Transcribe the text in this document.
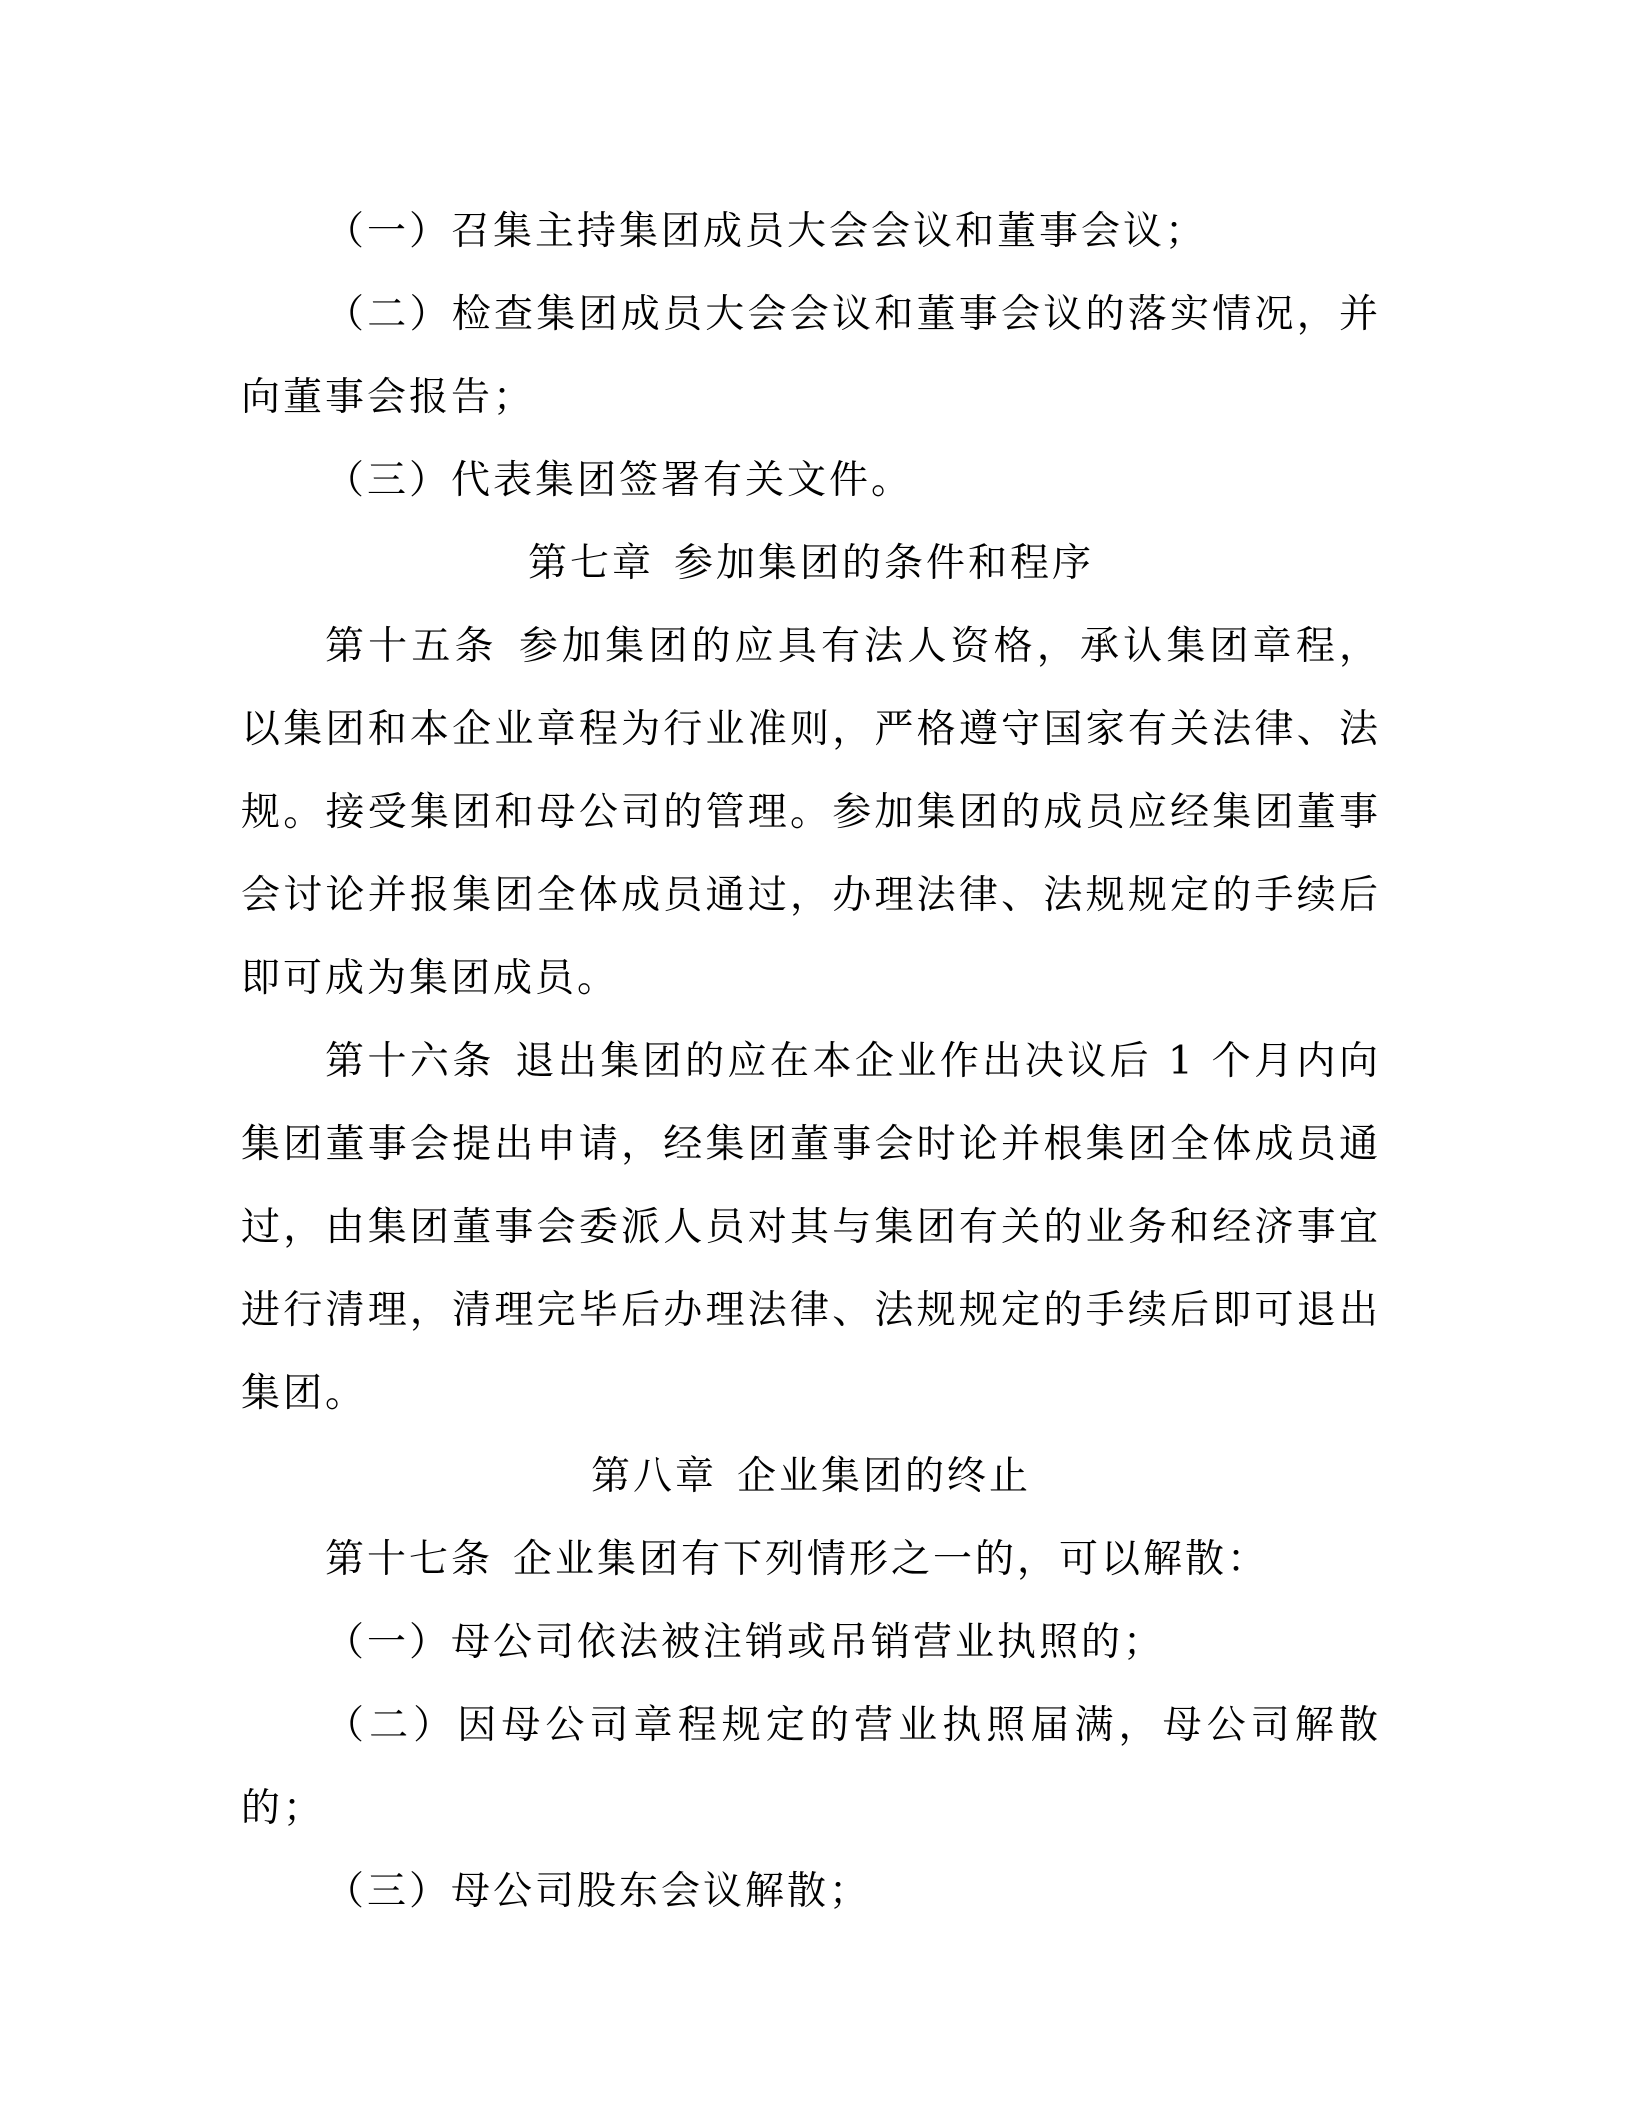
（一）召集主持集团成员大会会议和董事会议；

（二）检查集团成员大会会议和董事会议的落实情况，并向董事会报告；

（三）代表集团签署有关文件。

第七章 参加集团的条件和程序

第十五条 参加集团的应具有法人资格，承认集团章程，以集团和本企业章程为行业准则，严格遵守国家有关法律、法规。接受集团和母公司的管理。参加集团的成员应经集团董事会讨论并报集团全体成员通过，办理法律、法规规定的手续后即可成为集团成员。

第十六条 退出集团的应在本企业作出决议后 1 个月内向集团董事会提出申请，经集团董事会时论并根集团全体成员通过，由集团董事会委派人员对其与集团有关的业务和经济事宜进行清理，清理完毕后办理法律、法规规定的手续后即可退出集团。

第八章 企业集团的终止

第十七条 企业集团有下列情形之一的，可以解散：

（一）母公司依法被注销或吊销营业执照的；

（二）因母公司章程规定的营业执照届满，母公司解散的；

（三）母公司股东会议解散；
